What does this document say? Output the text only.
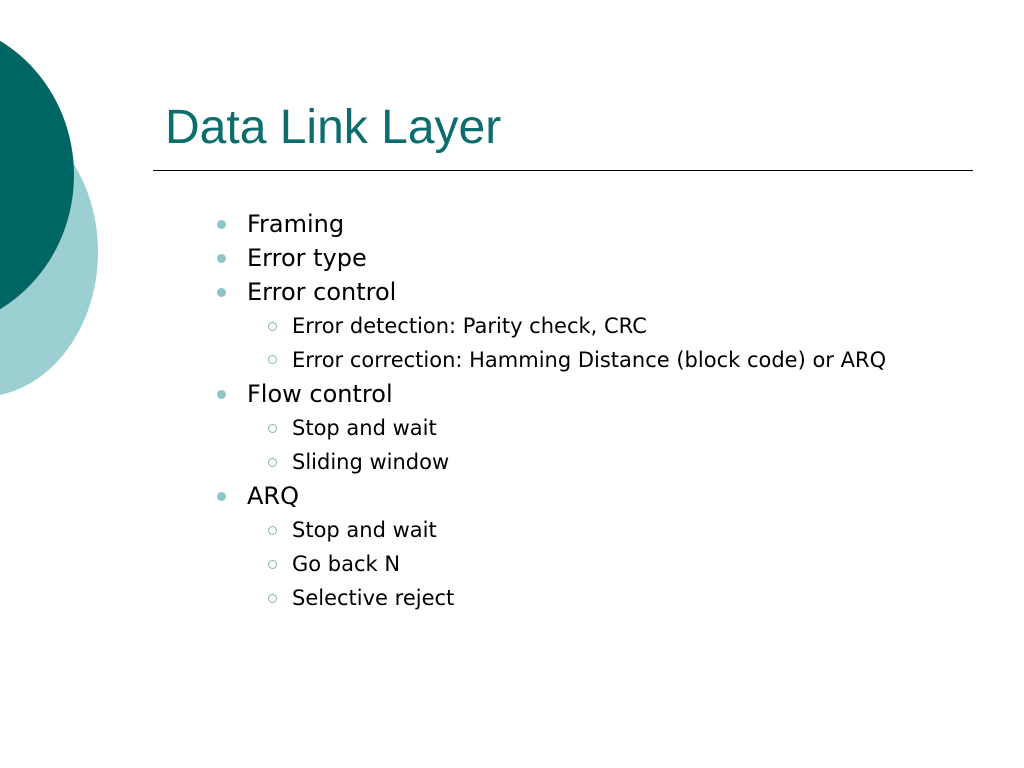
Data Link Layer
Framing
Error type
Error control
Error detection: Parity check, CRC
Error correction: Hamming Distance (block code) or ARQ
Flow control
Stop and wait
Sliding window
ARQ
Stop and wait
Go back N
Selective reject
